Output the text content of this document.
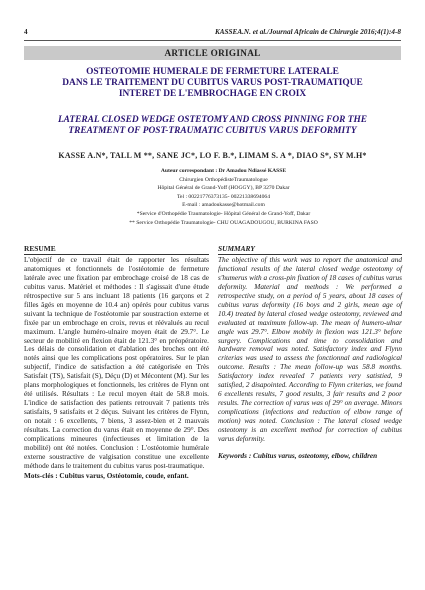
4	KASSEA.N. et al./Journal Africain de Chirurgie 2016;4(1):4-8
ARTICLE ORIGINAL
OSTEOTOMIE HUMERALE DE FERMETURE LATERALE
DANS LE TRAITEMENT DU CUBITUS VARUS POST-TRAUMATIQUE
INTERET DE L'EMBROCHAGE EN CROIX
LATERAL CLOSED WEDGE OSTETOMY AND CROSS PINNING FOR THE
TREATMENT OF POST-TRAUMATIC CUBITUS VARUS DEFORMITY
KASSE A.N*, TALL M **, SANE JC*, LO F. B.*, LIMAM S. A *, DIAO S*, SY M.H*
Auteur correspondant : Dr Amadou Ndiassé KASSE
Chirurgien OrthopédisteTraumatologue
Hôpital Général de Grand-Yoff (HOGGY), BP 3270 Dakar
Tel : 00221776373135- 00221338694064
E-mail : amadoukasse@hotmail.com
*Service d'Orthopédie Traumatologie- Hôpital Général de Grand-Yoff, Dakar
** Service Orthopédie Traumatologie- CHU OUAGADOUGOU, BURKINA FASO
RESUME

L'objectif de ce travail était de rapporter les résultats anatomiques et fonctionnels de l'ostéotomie de fermeture latérale avec une fixation par embrochage croisé de 18 cas de cubitus varus. Matériel et méthodes : Il s'agissait d'une étude rétrospective sur 5 ans incluant 18 patients (16 garçons et 2 filles âgés en moyenne de 10.4 an) opérés pour cubitus varus suivant la technique de l'ostéotomie par soustraction externe et fixée par un embrochage en croix, revus et réévalués au recul maximum. L'angle huméro-ulnaire moyen était de 29.7°. Le secteur de mobilité en flexion était de 121.3° en préopératoire. Les délais de consolidation et d'ablation des broches ont été notés ainsi que les complications post opératoires. Sur le plan subjectif, l'indice de satisfaction a été catégorisée en Très Satisfait (TS), Satisfait (S), Déçu (D) et Mécontent (M). Sur les plans morphologiques et fonctionnels, les critères de Flynn ont été utilisés. Résultats : Le recul moyen était de 58.8 mois. L'indice de satisfaction des patients retrouvait 7 patients très satisfaits, 9 satisfaits et 2 déçus. Suivant les critères de Flynn, on notait : 6 excellents, 7 biens, 3 assez-bien et 2 mauvais résultats. La correction du varus était en moyenne de 29°. Des complications mineures (infectieuses et limitation de la mobilité) ont été notées. Conclusion : L'ostéotomie humérale externe soustractive de valgisation constitue une excellente méthode dans le traitement du cubitus varus post-traumatique.

Mots-clés : Cubitus varus, Ostéotomie, coude, enfant.
SUMMARY

The objective of this work was to report the anatomical and functional results of the lateral closed wedge osteotomy of s'humerus with a cross-pin fixation of 18 cases of cubitus varus deformity. Material and methods : We performed a retrospective study, on a period of 5 years, about 18 cases of cubitus varus deformity (16 boys and 2 girls, mean age of 10.4) treated by lateral closed wedge osteotomy, reviewed and evaluated at maximum follow-up. The mean of humero-ulnar angle was 29.7°. Elbow mobily in flexion was 121.3° before surgery. Complications and time to consolidation and hardware removal was noted. Satisfactory index and Flynn criterias was used to assess the fonctionnal and radiological outcome. Results : The mean follow-up was 58.8 months. Satisfactory index revealed 7 patients very satistied, 9 satisfied, 2 disapointed. According to Flynn criterias, we found 6 excellents results, 7 good results, 3 fair results and 2 poor results. The correction of varus was of 29° on average. Minors complications (infections and reduction of elbow range of motion) was noted. Conclusion : The lateral closed wedge osteotomy is an excellent method for correction of cubitus varus deformity.

Keywords : Cubitus varus, osteotomy, elbow, children
